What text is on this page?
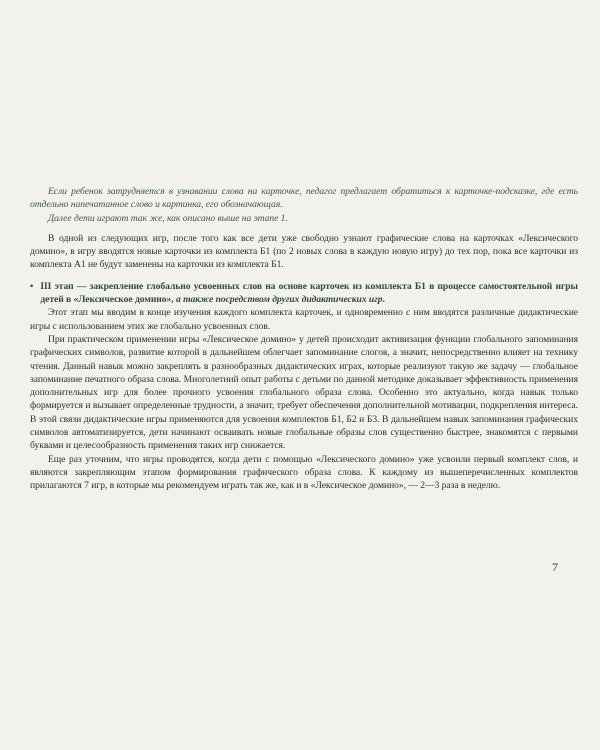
Если ребенок затрудняется в узнавании слова на карточке, педагог предлагает обратиться к карточке-подсказке, где есть отдельно напечатанное слово и картинка, его обозначающая.

Далее дети играют так же, как описано выше на этапе 1.

В одной из следующих игр, после того как все дети уже свободно узнают графические слова на карточках «Лексического домино», в игру вводятся новые карточки из комплекта Б1 (по 2 новых слова в каждую новую игру) до тех пор, пока все карточки из комплекта А1 не будут заменены на карточки из комплекта Б1.

• III этап — закрепление глобально усвоенных слов на основе карточек из комплекта Б1 в процессе самостоятельной игры детей в «Лексическое домино», а также посредством других дидактических игр.

Этот этап мы вводим в конце изучения каждого комплекта карточек, и одновременно с ним вводятся различные дидактические игры с использованием этих же глобально усвоенных слов.

При практическом применении игры «Лексическое домино» у детей происходит активизация функции глобального запоминания графических символов, развитие которой в дальнейшем облегчает запоминание слогов, а значит, непосредственно влияет на технику чтения. Данный навык можно закреплять в разнообразных дидактических играх, которые реализуют такую же задачу — глобальное запоминание печатного образа слова. Многолетний опыт работы с детьми по данной методике доказывает эффективность применения дополнительных игр для более прочного усвоения глобального образа слова. Особенно это актуально, когда навык только формируется и вызывает определенные трудности, а значит, требует обеспечения дополнительной мотивации, подкрепления интереса. В этой связи дидактические игры применяются для усвоения комплектов Б1, Б2 и Б3. В дальнейшем навык запоминания графических символов автоматизируется, дети начинают осваивать новые глобальные образы слов существенно быстрее, знакомятся с первыми буквами и целесообразность применения таких игр снижается.

Еще раз уточним, что игры проводятся, когда дети с помощью «Лексического домино» уже усвоили первый комплект слов, и являются закрепляющим этапом формирования графического образа слова. К каждому из вышеперечисленных комплектов прилагаются 7 игр, в которые мы рекомендуем играть так же, как и в «Лексическое домино», — 2—3 раза в неделю.

7
